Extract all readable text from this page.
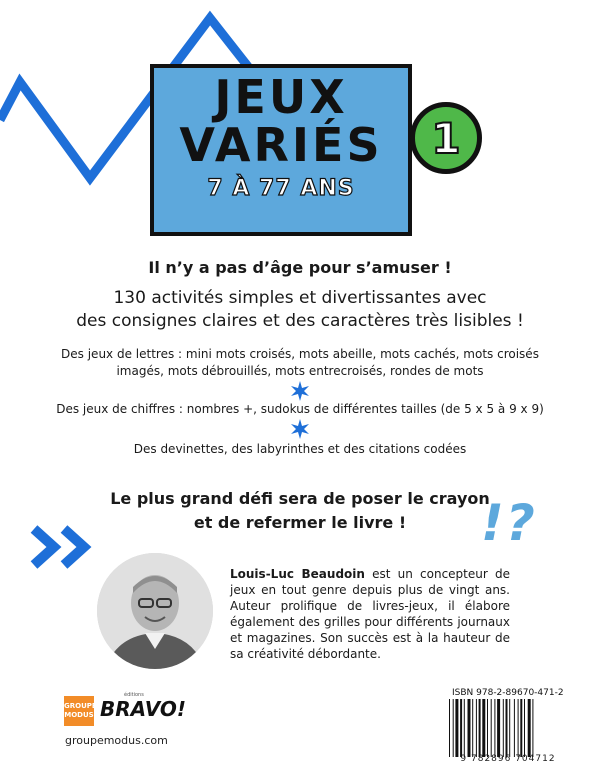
JEUX
VARIÉS
7 À 77 ANS
1
Il n’y a pas d’âge pour s’amuser !
130 activités simples et divertissantes avec
des consignes claires et des caractères très lisibles !
Des jeux de lettres : mini mots croisés, mots abeille, mots cachés, mots croisés
imagés, mots débrouillés, mots entrecroisés, rondes de mots
Des jeux de chiffres : nombres +, sudokus de différentes tailles (de 5 x 5 à 9 x 9)
Des devinettes, des labyrinthes et des citations codées
Le plus grand défi sera de poser le crayon
et de refermer le livre !	!?
Louis-Luc Beaudoin est un concepteur de jeux en tout genre depuis plus de vingt ans. Auteur prolifique de livres-jeux, il élabore également des grilles pour différents journaux et magazines. Son succès est à la hauteur de sa créativité débordante.
GROUPE MODUS
éditions
BRAVO!
groupemodus.com
ISBN 978-2-89670-471-2
9 782896 704712
